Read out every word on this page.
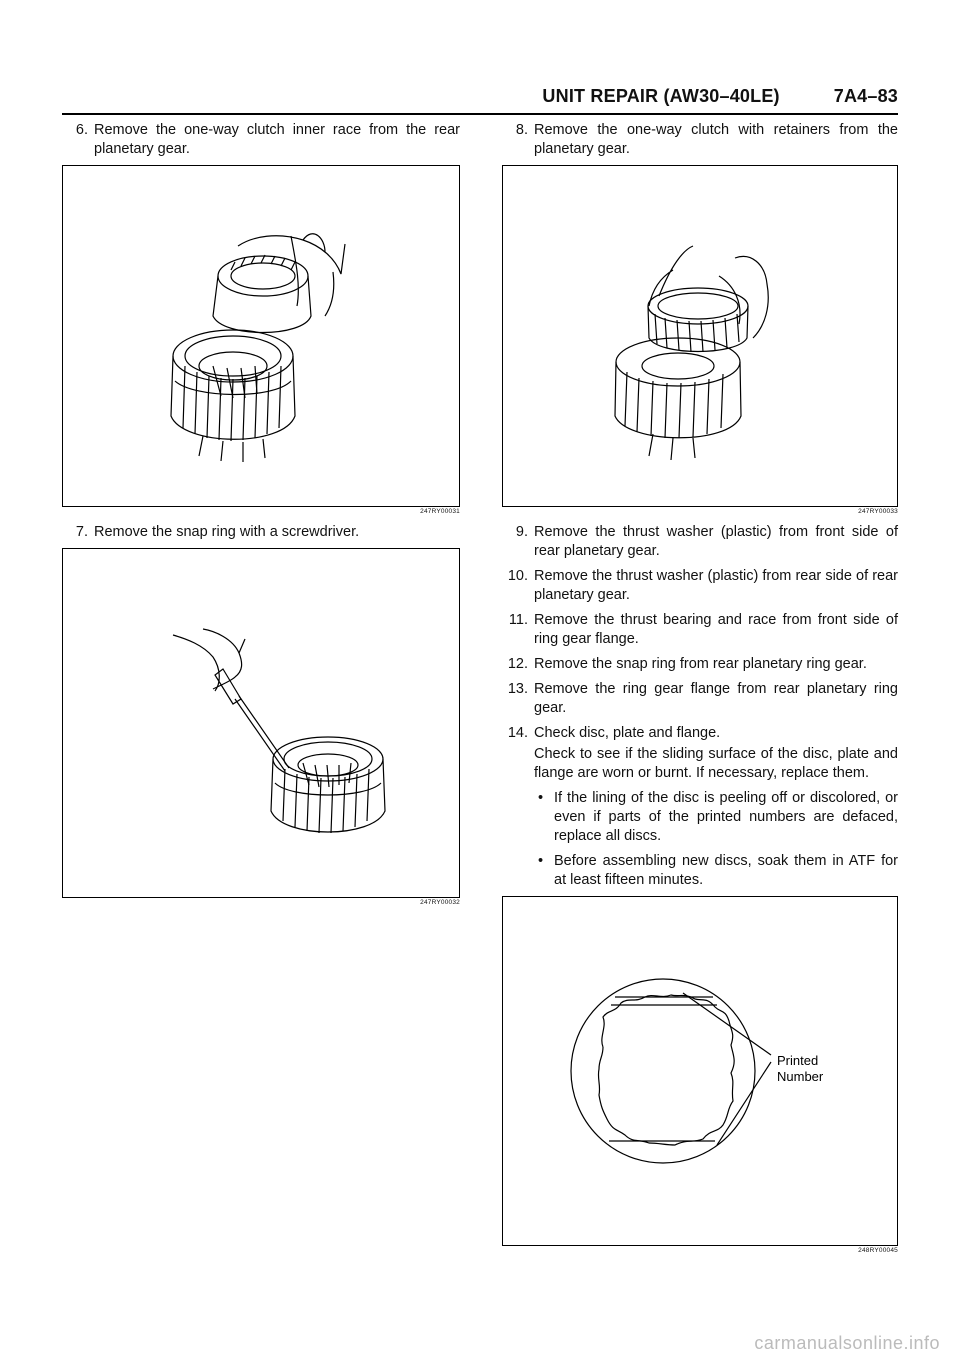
UNIT REPAIR (AW30–40LE)	7A4–83
6. Remove the one-way clutch inner race from the rear planetary gear.
247RY00031
7. Remove the snap ring with a screwdriver.
247RY00032
8. Remove the one-way clutch with retainers from the planetary gear.
247RY00033
9. Remove the thrust washer (plastic) from front side of rear planetary gear.
10. Remove the thrust washer (plastic) from rear side of rear planetary gear.
11. Remove the thrust bearing and race from front side of ring gear flange.
12. Remove the snap ring from rear planetary ring gear.
13. Remove the ring gear flange from rear planetary ring gear.
14. Check disc, plate and flange.
Check to see if the sliding surface of the disc, plate and flange are worn or burnt. If necessary, replace them.
• If the lining of the disc is peeling off or discolored, or even if parts of the printed numbers are defaced, replace all discs.
• Before assembling new discs, soak them in ATF for at least fifteen minutes.
Printed
Number
248RY00045
carmanualsonline.info
